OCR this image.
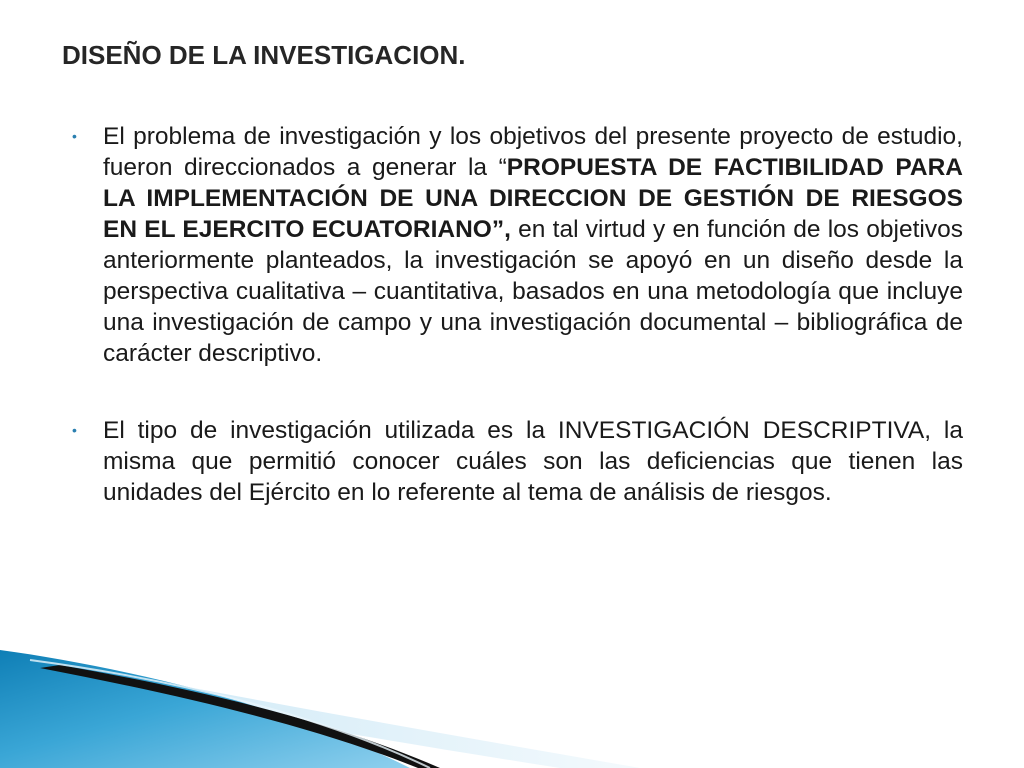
DISEÑO DE LA INVESTIGACION.
• El problema de investigación y los objetivos del presente proyecto de estudio, fueron direccionados a generar la “PROPUESTA DE FACTIBILIDAD PARA LA IMPLEMENTACIÓN DE UNA DIRECCION DE GESTIÓN DE RIESGOS EN EL EJERCITO ECUATORIANO”, en tal virtud y en función de los objetivos anteriormente planteados, la investigación se apoyó en un diseño desde la perspectiva cualitativa – cuantitativa, basados en una metodología que incluye una investigación de campo y una investigación documental – bibliográfica de carácter descriptivo.
• El tipo de investigación utilizada es la INVESTIGACIÓN DESCRIPTIVA, la misma que permitió conocer cuáles son las deficiencias que tienen las unidades del Ejército en lo referente al tema de análisis de riesgos.
